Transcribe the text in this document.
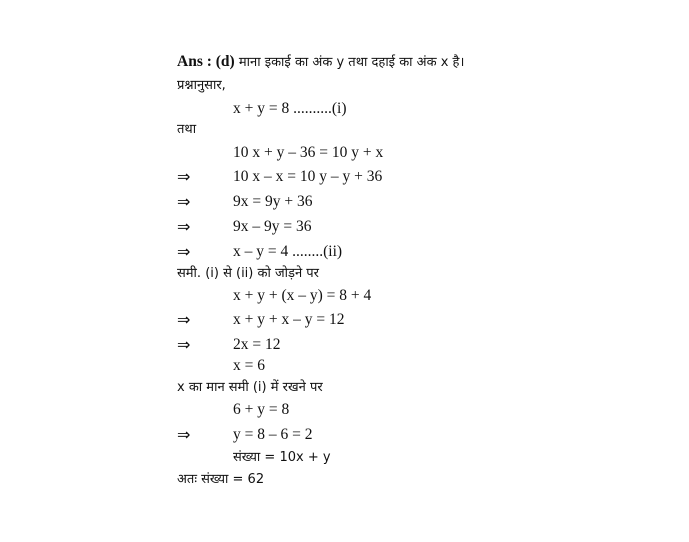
Ans : (d) माना इकाई का अंक y तथा दहाई का अंक x है।
प्रश्नानुसार,
x + y = 8 ..........(i)
तथा
10 x + y – 36 = 10 y + x
⇒	10 x – x = 10 y – y + 36
⇒	9x = 9y + 36
⇒	9x – 9y = 36
⇒	x – y = 4 ........(ii)
समी. (i) से (ii) को जोड़ने पर
x + y + (x – y) = 8 + 4
⇒	x + y + x – y = 12
⇒	2x = 12
x = 6
x का मान समी (i) में रखने पर
6 + y = 8
⇒	y = 8 – 6 = 2
संख्या = 10x + y
अतः संख्या = 62
